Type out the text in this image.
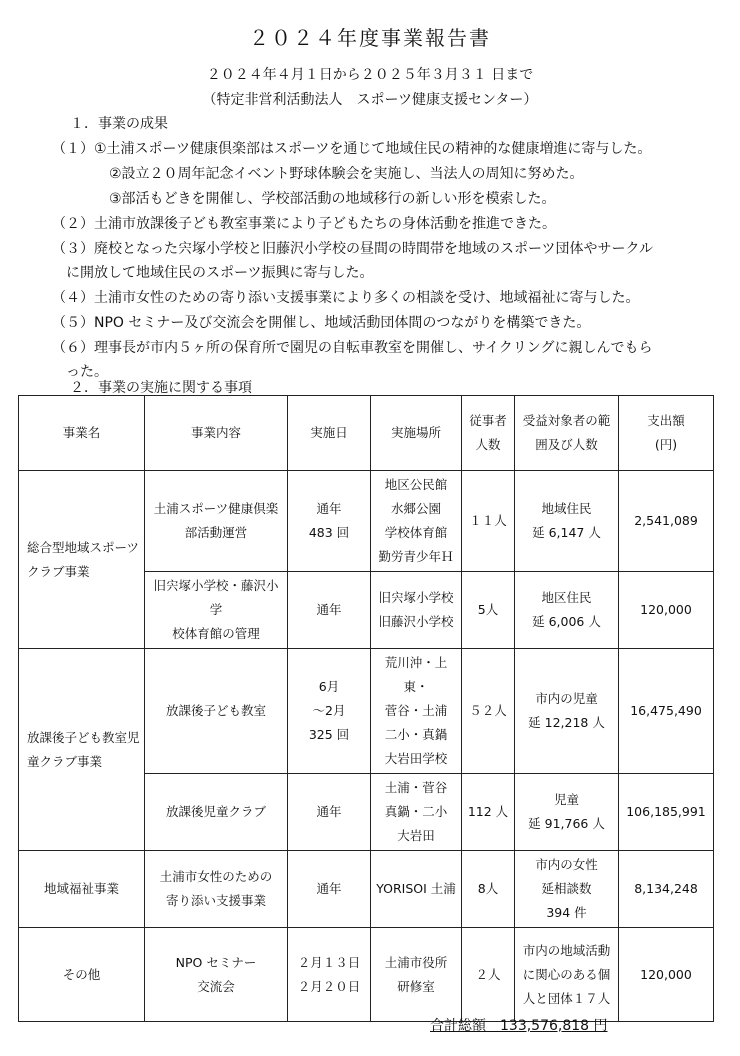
２０２４年度事業報告書
２０２４年４月１日から２０２５年３月３１ 日まで
（特定非営利活動法人　スポーツ健康支援センター）
１．事業の成果
（１）①土浦スポーツ健康倶楽部はスポーツを通じて地域住民の精神的な健康増進に寄与した。
②設立２０周年記念イベント野球体験会を実施し、当法人の周知に努めた。
③部活もどきを開催し、学校部活動の地域移行の新しい形を模索した。
（２）土浦市放課後子ども教室事業により子どもたちの身体活動を推進できた。
（３）廃校となった宍塚小学校と旧藤沢小学校の昼間の時間帯を地域のスポーツ団体やサークル
に開放して地域住民のスポーツ振興に寄与した。
（４）土浦市女性のための寄り添い支援事業により多くの相談を受け、地域福祉に寄与した。
（５）NPO セミナー及び交流会を開催し、地域活動団体間のつながりを構築できた。
（６）理事長が市内５ヶ所の保育所で園児の自転車教室を開催し、サイクリングに親しんでもら
った。
２．事業の実施に関する事項
事業名	事業内容	実施日	実施場所	従事者
人数	受益対象者の範
囲及び人数	支出額
(円)
総合型地域スポーツ
クラブ事業	土浦スポーツ健康倶楽
部活動運営	通年
483 回	地区公民館
水郷公園
学校体育館
勤労青少年Ｈ	１１人	地域住民
延 6,147 人	2,541,089
	旧宍塚小学校・藤沢小学
校体育館の管理	通年	旧宍塚小学校
旧藤沢小学校	5人	地区住民
延 6,006 人	120,000
放課後子ども教室児
童クラブ事業	放課後子ども教室	6月
～2月
325 回	荒川沖・上東・
菅谷・土浦
二小・真鍋
大岩田学校	５２人	市内の児童
延 12,218 人	16,475,490
	放課後児童クラブ	通年	土浦・菅谷
真鍋・二小
大岩田	112 人	児童
延 91,766 人	106,185,991
地域福祉事業	土浦市女性のための
寄り添い支援事業	通年	YORISOI 土浦	8人	市内の女性
延相談数
394 件	8,134,248
その他	NPO セミナー
交流会	２月１３日
２月２０日	土浦市役所
研修室	２人	市内の地域活動
に関心のある個
人と団体１７人	120,000
合計総額　133,576,818 円
